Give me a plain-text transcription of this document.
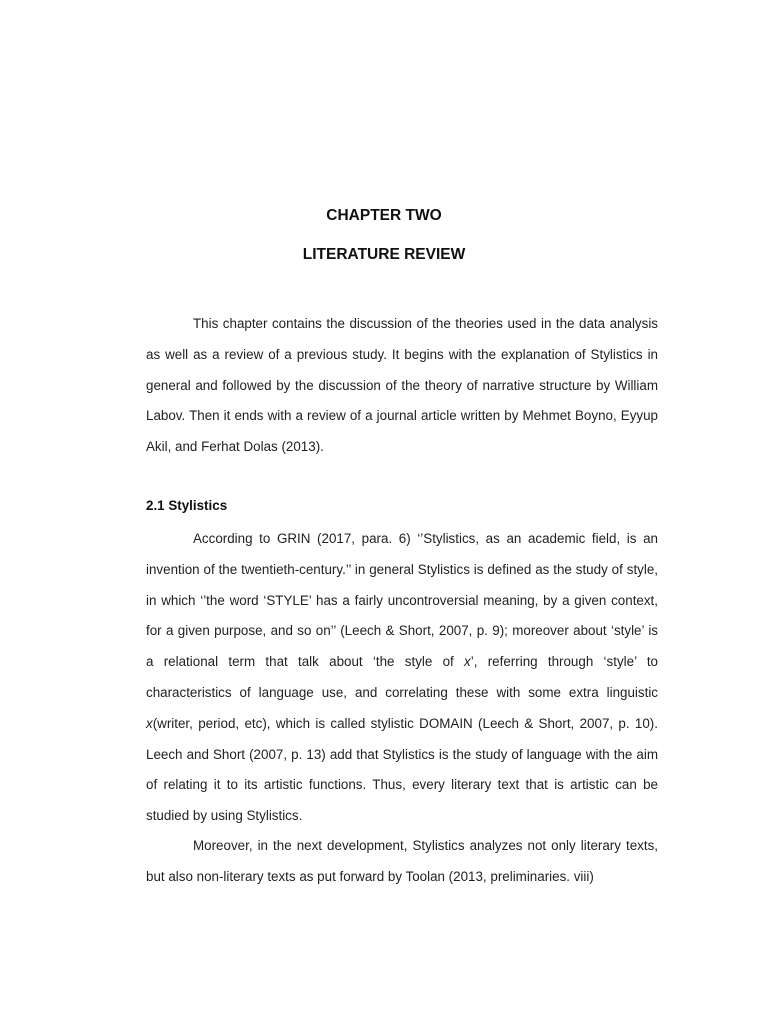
CHAPTER TWO
LITERATURE REVIEW

This chapter contains the discussion of the theories used in the data analysis as well as a review of a previous study. It begins with the explanation of Stylistics in general and followed by the discussion of the theory of narrative structure by William Labov. Then it ends with a review of a journal article written by Mehmet Boyno, Eyyup Akil, and Ferhat Dolas (2013).

2.1 Stylistics

According to GRIN (2017, para. 6) ‘’Stylistics, as an academic field, is an invention of the twentieth-century.’’ in general Stylistics is defined as the study of style, in which ‘’the word ‘STYLE’ has a fairly uncontroversial meaning, by a given context, for a given purpose, and so on’’ (Leech & Short, 2007, p. 9); moreover about ‘style’ is a relational term that talk about ‘the style of x’, referring through ‘style’ to characteristics of language use, and correlating these with some extra linguistic x(writer, period, etc), which is called stylistic DOMAIN (Leech & Short, 2007, p. 10). Leech and Short (2007, p. 13) add that Stylistics is the study of language with the aim of relating it to its artistic functions. Thus, every literary text that is artistic can be studied by using Stylistics.

Moreover, in the next development, Stylistics analyzes not only literary texts, but also non-literary texts as put forward by Toolan (2013, preliminaries. viii)
